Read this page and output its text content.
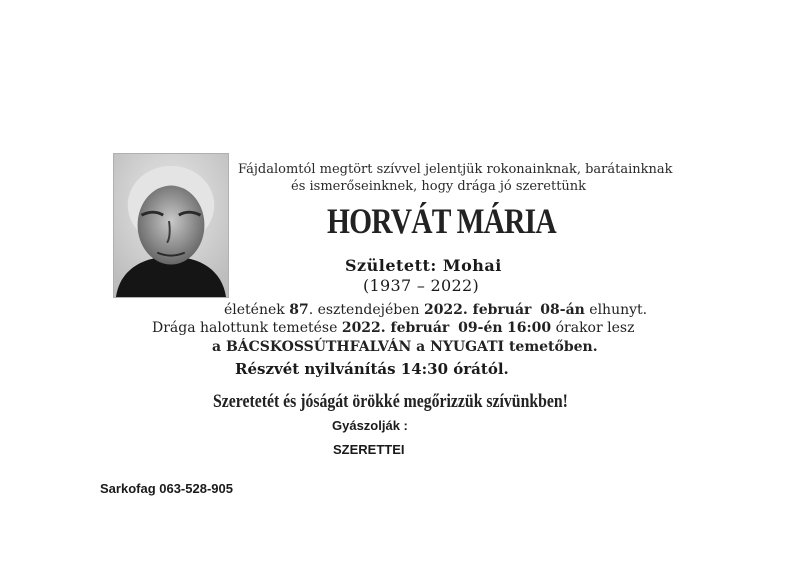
Fájdalomtól megtört szívvel jelentjük rokonainknak, barátainknak
és ismerőseinknek, hogy drága jó szerettünk
HORVÁT MÁRIA
Született: Mohai
(1937 – 2022)
életének 87. esztendejében 2022. február 08-án elhunyt.
Drága halottunk temetése 2022. február 09-én 16:00 órakor lesz
a BÁCSKOSSÚTHFALVÁN a NYUGATI temetőben.
Részvét nyilvánítás 14:30 órától.
Szeretetét és jóságát örökké megőrizzük szívünkben!
Gyászolják :
SZERETTEI
Sarkofag 063-528-905
